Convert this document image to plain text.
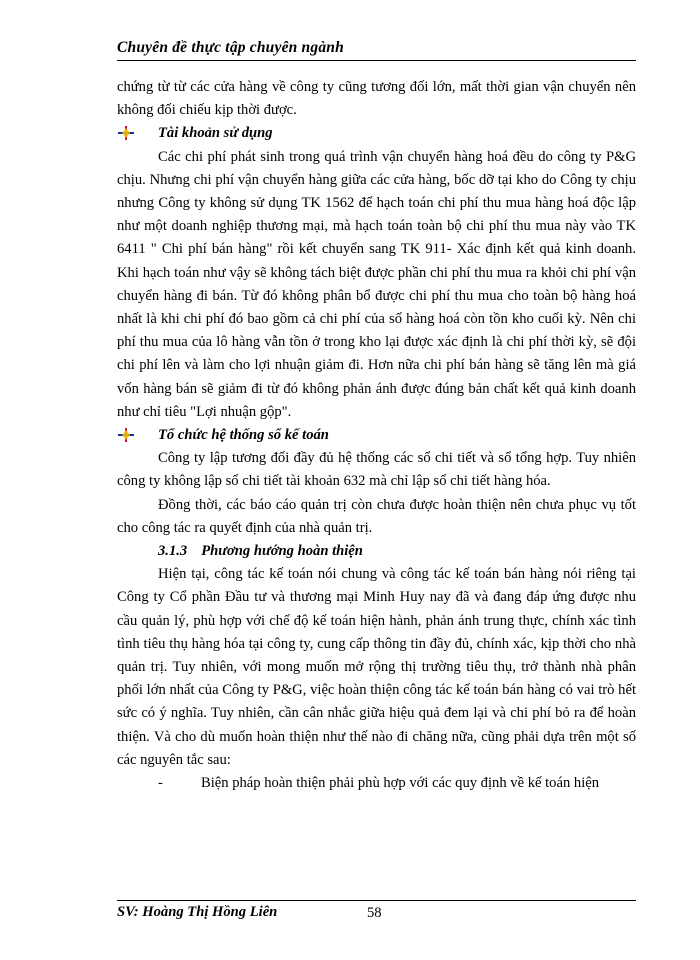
Chuyên đề thực tập chuyên ngành

chứng từ từ các cửa hàng về công ty cũng tương đối lớn, mất thời gian vận chuyển nên không đối chiếu kịp thời được.

Tài khoản sử dụng

Các chi phí phát sinh trong quá trình vận chuyển hàng hoá đều do công ty P&G chịu. Nhưng chi phí vận chuyển hàng giữa các cửa hàng, bốc dỡ tại kho do Công ty chịu nhưng Công ty không sử dụng TK 1562 để hạch toán chi phí thu mua hàng hoá độc lập như một doanh nghiệp thương mại, mà hạch toán toàn bộ chi phí thu mua này vào TK 6411 " Chi phí bán hàng" rồi kết chuyển sang TK 911- Xác định kết quả kinh doanh. Khi hạch toán như vậy sẽ không tách biệt được phần chi phí thu mua ra khỏi chi phí vận chuyển hàng đi bán. Từ đó không phân bổ được chi phí thu mua cho toàn bộ hàng hoá nhất là khi chi phí đó bao gồm cả chi phí của số hàng hoá còn tồn kho cuối kỳ. Nên chi phí thu mua của lô hàng vẫn tồn ở trong kho lại được xác định là chi phí thời kỳ, sẽ đội chi phí lên và làm cho lợi nhuận giảm đi. Hơn nữa chi phí bán hàng sẽ tăng lên mà giá vốn hàng bán sẽ giảm đi từ đó không phản ánh được đúng bản chất kết quả kinh doanh như chỉ tiêu "Lợi nhuận gộp".

Tổ chức hệ thống sổ kế toán

Công ty lập tương đối đầy đủ hệ thống các sổ chi tiết và sổ tổng hợp. Tuy nhiên công ty không lập sổ chi tiết tài khoản 632 mà chỉ lập sổ chi tiết hàng hóa.

Đồng thời, các báo cáo quản trị còn chưa được hoàn thiện nên chưa phục vụ tốt cho công tác ra quyết định của nhà quản trị.

3.1.3 Phương hướng hoàn thiện

Hiện tại, công tác kế toán nói chung và công tác kế toán bán hàng nói riêng tại Công ty Cổ phần Đầu tư và thương mại Minh Huy nay đã và đang đáp ứng được nhu cầu quản lý, phù hợp với chế độ kế toán hiện hành, phản ánh trung thực, chính xác tình tình tiêu thụ hàng hóa tại công ty, cung cấp thông tin đầy đủ, chính xác, kịp thời cho nhà quản trị. Tuy nhiên, với mong muốn mở rộng thị trường tiêu thụ, trở thành nhà phân phối lớn nhất của Công ty P&G, việc hoàn thiện công tác kế toán bán hàng có vai trò hết sức có ý nghĩa. Tuy nhiên, cần cân nhắc giữa hiệu quả đem lại và chi phí bỏ ra để hoàn thiện. Và cho dù muốn hoàn thiện như thế nào đi chăng nữa, cũng phải dựa trên một số các nguyên tắc sau:

-	Biện pháp hoàn thiện phải phù hợp với các quy định về kế toán hiện
SV: Hoàng Thị Hồng Liên	58
